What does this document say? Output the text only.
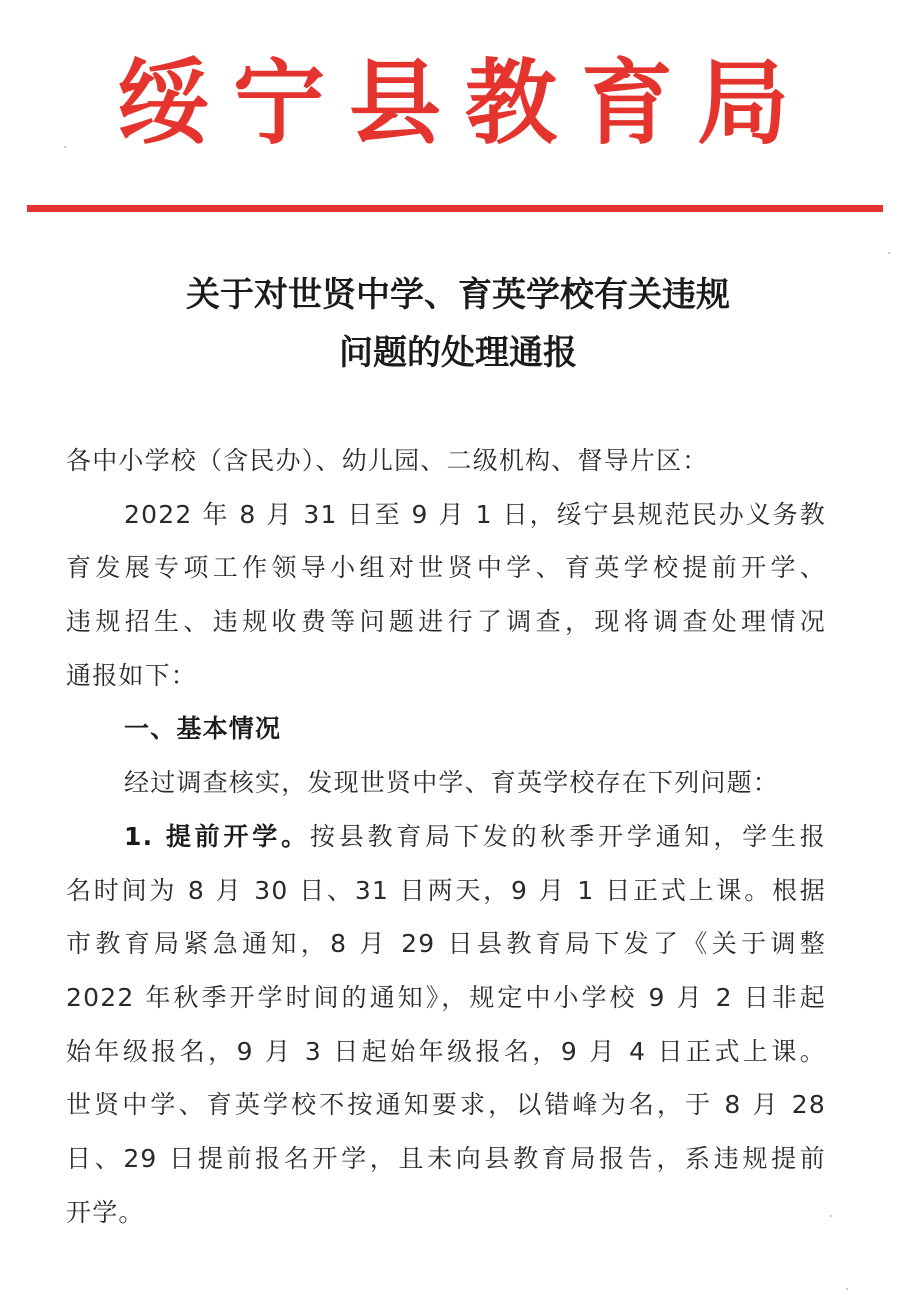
绥宁县教育局
关于对世贤中学、育英学校有关违规
问题的处理通报
各中小学校（含民办）、幼儿园、二级机构、督导片区：
2022 年 8 月 31 日至 9 月 1 日，绥宁县规范民办义务教
育发展专项工作领导小组对世贤中学、育英学校提前开学、
违规招生、违规收费等问题进行了调查，现将调查处理情况
通报如下：
一、基本情况
经过调查核实，发现世贤中学、育英学校存在下列问题：
1. 提前开学。按县教育局下发的秋季开学通知，学生报
名时间为 8 月 30 日、31 日两天，9 月 1 日正式上课。根据
市教育局紧急通知，8 月 29 日县教育局下发了《关于调整
2022 年秋季开学时间的通知》，规定中小学校 9 月 2 日非起
始年级报名，9 月 3 日起始年级报名，9 月 4 日正式上课。
世贤中学、育英学校不按通知要求，以错峰为名，于 8 月 28
日、29 日提前报名开学，且未向县教育局报告，系违规提前
开学。
